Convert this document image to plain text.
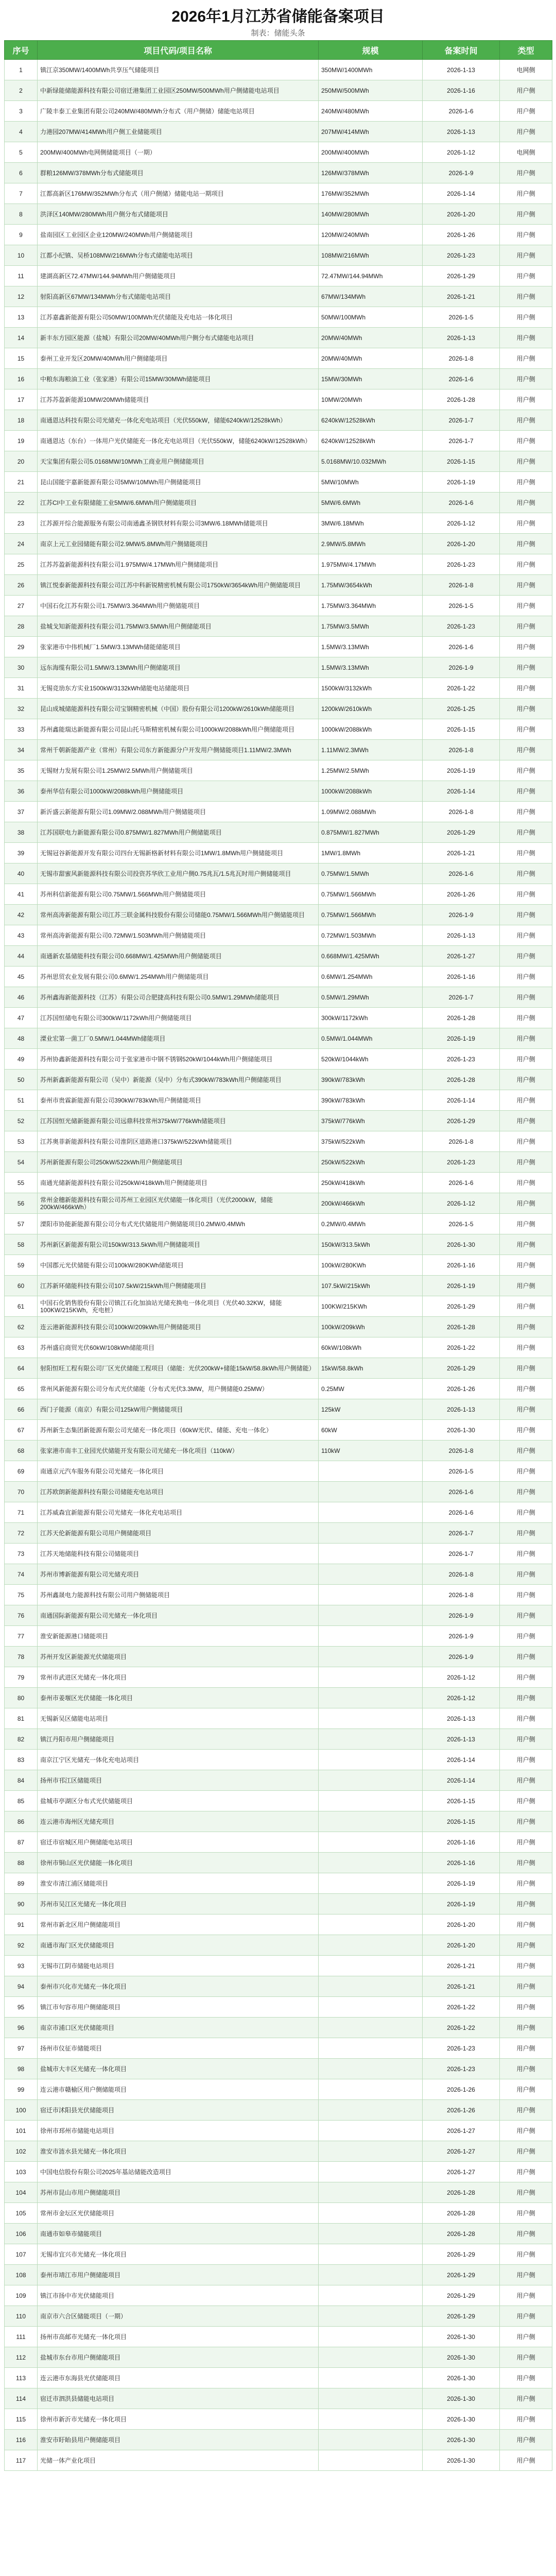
2026年1月江苏省储能备案项目
制表：储能头条
序号	项目代码/项目名称	规模	备案时间	类型
1	镇江京350MW/1400MWh共享压气储能项目	350MW/1400MWh	2026-1-13	电网侧
2	中新绿能储能源科技有限公司宿迁港集团工业园区250MW/500MWh用户侧储能电站项目	250MW/500MWh	2026-1-16	用户侧
3	广陵丰泰工业集团有限公司240MW/480MWh分布式（用户侧储）储能电站项目	240MW/480MWh	2026-1-6	用户侧
4	力港园207MW/414MWh用户侧工业储能项目	207MW/414MWh	2026-1-13	用户侧
5	200MW/400MWh电网侧储能项目（一期）	200MW/400MWh	2026-1-12	电网侧
6	群粮126MW/378MWh分布式储能项目	126MW/378MWh	2026-1-9	用户侧
7	江都高新区176MW/352MWh分布式（用户侧储）储能电站一期项目	176MW/352MWh	2026-1-14	用户侧
8	洪泽区140MW/280MWh用户侧分布式储能项目	140MW/280MWh	2026-1-20	用户侧
9	盐南园区工业园区企业120MW/240MWh用户侧储能项目	120MW/240MWh	2026-1-26	用户侧
10	江都小纪镇、吴桥108MW/216MWh分布式储能电站项目	108MW/216MWh	2026-1-23	用户侧
11	建湖高新区72.47MW/144.94MWh用户侧储能项目	72.47MW/144.94MWh	2026-1-29	用户侧
12	射阳高新区67MW/134MWh分布式储能电站项目	67MW/134MWh	2026-1-21	用户侧
13	江苏嘉鑫新能源有限公司50MW/100MWh光伏储能及充电站一体化项目	50MW/100MWh	2026-1-5	用户侧
14	新丰东方园区能源（盐城）有限公司20MW/40MWh用户侧分布式储能电站项目	20MW/40MWh	2026-1-13	用户侧
15	泰州工业开发区20MW/40MWh用户侧储能项目	20MW/40MWh	2026-1-8	用户侧
16	中粮东海粮油工业（张家港）有限公司15MW/30MWh储能项目	15MW/30MWh	2026-1-6	用户侧
17	江苏苏盈新能源10MW/20MWh储能项目	10MW/20MWh	2026-1-28	用户侧
18	南通恩达科技有限公司光储充一体化充电站项目（光伏550kW，储能6240kW/12528kWh）	6240kW/12528kWh	2026-1-7	用户侧
19	南通恩达（东台）一体用户光伏储能充一体化充电站项目（光伏550kW，储能6240kW/12528kWh）	6240kW/12528kWh	2026-1-7	用户侧
20	天宝集团有限公司5.0168MW/10MWh工商业用户侧储能项目	5.0168MW/10.032MWh	2026-1-15	用户侧
21	昆山国能宇嘉新能源有限公司5MW/10MWh用户侧储能项目	5MW/10MWh	2026-1-19	用户侧
22	江苏CI中工业有限储能工业5MW/6.6MWh用户侧储能项目	5MW/6.6MWh	2026-1-6	用户侧
23	江苏源开综合能源服务有限公司南通鑫圣钢铁材料有限公司3MW/6.18MWh储能项目	3MW/6.18MWh	2026-1-12	用户侧
24	南京上元工业园储能有限公司2.9MW/5.8MWh用户侧储能项目	2.9MW/5.8MWh	2026-1-20	用户侧
25	江苏苏盈新能源科技有限公司1.975MW/4.17MWh用户侧储能项目	1.975MW/4.17MWh	2026-1-23	用户侧
26	镇江悦泰新能源科技有限公司江苏中科新锐精密机械有限公司1750kW/3654kWh用户侧储能项目	1.75MW/3654kWh	2026-1-8	用户侧
27	中国石化江苏有限公司1.75MW/3.364MWh用户侧储能项目	1.75MW/3.364MWh	2026-1-5	用户侧
28	盐城戈知新能源科技有限公司1.75MW/3.5MWh用户侧储能项目	1.75MW/3.5MWh	2026-1-23	用户侧
29	张家港市中伟机械厂1.5MW/3.13MWh储能储能项目	1.5MW/3.13MWh	2026-1-6	用户侧
30	远东海缆有限公司1.5MW/3.13MWh用户侧储能项目	1.5MW/3.13MWh	2026-1-9	用户侧
31	无锡竞劢东方实业1500kW/3132kWh储能电站储能项目	1500kW/3132kWh	2026-1-22	用户侧
32	昆山成城储能源科技有限公司宝钢精密机械（中国）股份有限公司1200kW/2610kWh储能项目	1200kW/2610kWh	2026-1-25	用户侧
33	苏州鑫能瑞达新能源有限公司昆山托马斯精密机械有限公司1000kW/2088kWh用户侧储能项目	1000kW/2088kWh	2026-1-15	用户侧
34	常州千朝新能源产业（常州）有限公司东方新能源分户开发用户侧储能项目1.11MW/2.3MWh	1.11MW/2.3MWh	2026-1-8	用户侧
35	无锡财力发展有限公司1.25MW/2.5MWh用户侧储能项目	1.25MW/2.5MWh	2026-1-19	用户侧
36	泰州华信有限公司1000kW/2088kWh用户侧储能项目	1000kW/2088kWh	2026-1-14	用户侧
37	新沂盛云新能源有限公司1.09MW/2.088MWh用户侧储能项目	1.09MW/2.088MWh	2026-1-8	用户侧
38	江苏国联电力新能源有限公司0.875MW/1.827MWh用户侧储能项目	0.875MW/1.827MWh	2026-1-29	用户侧
39	无锡冠谷新能源开发有限公司四台无锡新格新材料有限公司1MW/1.8MWh用户侧储能项目	1MW/1.8MWh	2026-1-21	用户侧
40	无锡市甜蜜风新能源科技有限公司投资苏华欣工业用户侧0.75兆瓦/1.5兆瓦时用户侧储能项目	0.75MW/1.5MWh	2026-1-6	用户侧
41	苏州科信新能源有限公司0.75MW/1.566MWh用户侧储能项目	0.75MW/1.566MWh	2026-1-26	用户侧
42	常州高涛新能源有限公司江苏三联金属科技股份有限公司储能0.75MW/1.566MWh用户侧储能项目	0.75MW/1.566MWh	2026-1-9	用户侧
43	常州高涛新能源有限公司0.72MW/1.503MWh用户侧储能项目	0.72MW/1.503MWh	2026-1-13	用户侧
44	南通新农基储能科技有限公司0.668MW/1.425MWh用户侧储能项目	0.668MW/1.425MWh	2026-1-27	用户侧
45	苏州思贸农业发展有限公司0.6MW/1.254MWh用户侧储能项目	0.6MW/1.254MWh	2026-1-16	用户侧
46	苏州鑫海新能源科技（江苏）有限公司合肥捷高科技有限公司0.5MW/1.29MWh储能项目	0.5MW/1.29MWh	2026-1-7	用户侧
47	江苏国恒储电有限公司300kW/1172kWh用户侧储能项目	300kW/1172kWh	2026-1-28	用户侧
48	溧业宏第一菌工厂0.5MW/1.044MWh储能项目	0.5MW/1.044MWh	2026-1-19	用户侧
49	苏州协鑫新能源科技有限公司于张家港市中钢不锈钢520kW/1044kWh用户侧储能项目	520kW/1044kWh	2026-1-23	用户侧
50	苏州新鑫新能源有限公司（吴中）新能源（吴中）分布式390kW/783kWh用户侧储能项目	390kW/783kWh	2026-1-28	用户侧
51	泰州市贵霖新能源有限公司390kW/783kWh用户侧储能项目	390kW/783kWh	2026-1-14	用户侧
52	江苏国恒光储新能源有限公司远鼎科技常州375kW/776kWh储能项目	375kW/776kWh	2026-1-29	用户侧
53	江苏奥菲新能源科技有限公司淮阴区道路港口375kW/522kWh储能项目	375kW/522kWh	2026-1-8	用户侧
54	苏州新能源有限公司250kW/522kWh用户侧储能项目	250kW/522kWh	2026-1-23	用户侧
55	南通光储新能源科技有限公司250kW/418kWh用户侧储能项目	250kW/418kWh	2026-1-6	用户侧
56	常州金穗新能源科技有限公司苏州工业园区光伏储能一体化项目（光伏2000kW，储能200kW/466kWh）	200kW/466kWh	2026-1-12	用户侧
57	溧阳市协能新能源有限公司分布式光伏储能用户侧储能项目0.2MW/0.4MWh	0.2MW/0.4MWh	2026-1-5	用户侧
58	苏州新区新能源有限公司150kW/313.5kWh用户侧储能项目	150kW/313.5kWh	2026-1-30	用户侧
59	中国郡元光伏储能有限公司100kW/280KWh储能项目	100kW/280KWh	2026-1-16	用户侧
60	江苏新环储能科技有限公司107.5kW/215kWh用户侧储能项目	107.5kW/215kWh	2026-1-19	用户侧
61	中国石化销售股份有限公司镇江石化加油站光储充换电一体化项目（光伏40.32KW，储能100KW/215KWh，充电桩）	100KW/215KWh	2026-1-29	用户侧
62	连云港新能源科技有限公司100kW/209kWh用户侧储能项目	100kW/209kWh	2026-1-28	用户侧
63	苏州盛启商贸光伏60kW/108kWh储能项目	60kW/108kWh	2026-1-22	用户侧
64	射阳恒旺工程有限公司厂区光伏储能工程项目（储能：光伏200kW+储能15kW/58.8kWh用户侧储能）	15kW/58.8kWh	2026-1-29	用户侧
65	常州风新能源有限公司分布式光伏储能（分布式光伏3.3MW，用户侧储能0.25MW）	0.25MW	2026-1-26	用户侧
66	西门子能源（南京）有限公司125kW用户侧储能项目	125kW	2026-1-13	用户侧
67	苏州新生态集团新能源有限公司光储充一体化项目（60kW光伏、储能、充电一体化）	60kW	2026-1-30	用户侧
68	张家港市南丰工业园光伏储能开发有限公司光储充一体化项目（110kW）	110kW	2026-1-8	用户侧
69	南通京元汽车服务有限公司光储充一体化项目		2026-1-5	用户侧
70	江苏欧朗新能源科技有限公司储能充电站项目		2026-1-6	用户侧
71	江苏威森宜新能源有限公司光储充一体化充电站项目		2026-1-6	用户侧
72	江苏天伦新能源有限公司用户侧储能项目		2026-1-7	用户侧
73	江苏天地储能科技有限公司储能项目		2026-1-7	用户侧
74	苏州市博新能源有限公司光储充项目		2026-1-8	用户侧
75	苏州鑫晟电力能源科技有限公司用户侧储能项目		2026-1-8	用户侧
76	南通国际新能源有限公司光储充一体化项目		2026-1-9	用户侧
77	淮安新能源港口储能项目		2026-1-9	用户侧
78	苏州开发区新能源光伏储能项目		2026-1-9	用户侧
79	常州市武进区光储充一体化项目		2026-1-12	用户侧
80	泰州市姜堰区光伏储能一体化项目		2026-1-12	用户侧
81	无锡新吴区储能电站项目		2026-1-13	用户侧
82	镇江丹阳市用户侧储能项目		2026-1-13	用户侧
83	南京江宁区光储充一体化充电站项目		2026-1-14	用户侧
84	扬州市邗江区储能项目		2026-1-14	用户侧
85	盐城市亭湖区分布式光伏储能项目		2026-1-15	用户侧
86	连云港市海州区光储充项目		2026-1-15	用户侧
87	宿迁市宿城区用户侧储能电站项目		2026-1-16	用户侧
88	徐州市铜山区光伏储能一体化项目		2026-1-16	用户侧
89	淮安市清江浦区储能项目		2026-1-19	用户侧
90	苏州市吴江区光储充一体化项目		2026-1-19	用户侧
91	常州市新北区用户侧储能项目		2026-1-20	用户侧
92	南通市海门区光伏储能项目		2026-1-20	用户侧
93	无锡市江阴市储能电站项目		2026-1-21	用户侧
94	泰州市兴化市光储充一体化项目		2026-1-21	用户侧
95	镇江市句容市用户侧储能项目		2026-1-22	用户侧
96	南京市浦口区光伏储能项目		2026-1-22	用户侧
97	扬州市仪征市储能项目		2026-1-23	用户侧
98	盐城市大丰区光储充一体化项目		2026-1-23	用户侧
99	连云港市赣榆区用户侧储能项目		2026-1-26	用户侧
100	宿迁市沭阳县光伏储能项目		2026-1-26	用户侧
101	徐州市邳州市储能电站项目		2026-1-27	用户侧
102	淮安市涟水县光储充一体化项目		2026-1-27	用户侧
103	中国电信股份有限公司2025年基站储能改造项目		2026-1-27	用户侧
104	苏州市昆山市用户侧储能项目		2026-1-28	用户侧
105	常州市金坛区光伏储能项目		2026-1-28	用户侧
106	南通市如皋市储能项目		2026-1-28	用户侧
107	无锡市宜兴市光储充一体化项目		2026-1-29	用户侧
108	泰州市靖江市用户侧储能项目		2026-1-29	用户侧
109	镇江市扬中市光伏储能项目		2026-1-29	用户侧
110	南京市六合区储能项目（一期）		2026-1-29	用户侧
111	扬州市高邮市光储充一体化项目		2026-1-30	用户侧
112	盐城市东台市用户侧储能项目		2026-1-30	用户侧
113	连云港市东海县光伏储能项目		2026-1-30	用户侧
114	宿迁市泗洪县储能电站项目		2026-1-30	用户侧
115	徐州市新沂市光储充一体化项目		2026-1-30	用户侧
116	淮安市盱眙县用户侧储能项目		2026-1-30	用户侧
117	光储一体产业化项目		2026-1-30	用户侧
